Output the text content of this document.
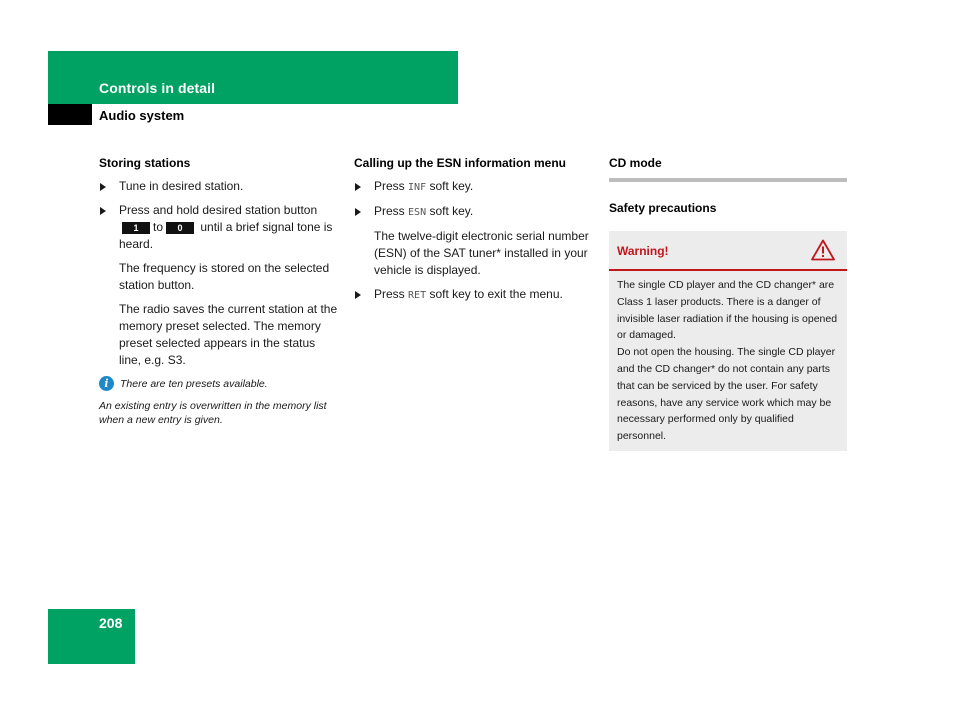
Controls in detail
Audio system
Storing stations
Tune in desired station.
Press and hold desired station button 1 to 0 until a brief signal tone is heard.
The frequency is stored on the selected station button.
The radio saves the current station at the memory preset selected. The memory preset selected appears in the status line, e.g. S3.
i	There are ten presets available.
An existing entry is overwritten in the memory list when a new entry is given.
Calling up the ESN information menu
Press INF soft key.
Press ESN soft key.
The twelve-digit electronic serial number (ESN) of the SAT tuner* installed in your vehicle is displayed.
Press RET soft key to exit the menu.
CD mode
Safety precautions
Warning!
The single CD player and the CD changer* are Class 1 laser products. There is a danger of invisible laser radiation if the housing is opened or damaged.
Do not open the housing. The single CD player and the CD changer* do not contain any parts that can be serviced by the user. For safety reasons, have any service work which may be necessary performed only by qualified personnel.
208
